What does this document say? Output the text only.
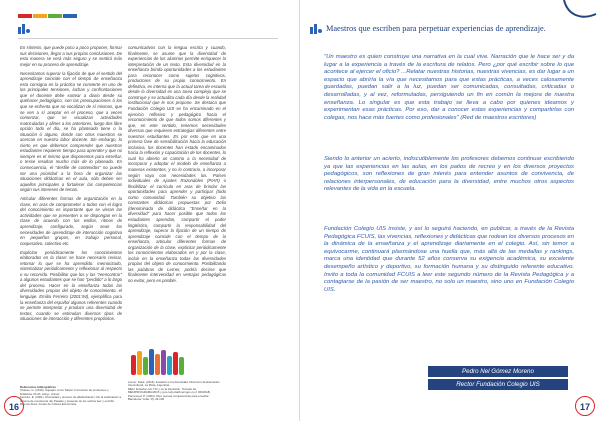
En síntesis, que puede poco a poco proponer, formar sus decisiones, llegar a sus propias conclusiones. De esta manera se verá más seguro y se sentirá más mejor en su proceso de aprendizaje.

Necesitamos superar la fijación de que el sentido del aprendizaje coincide con el tiempo de enseñanza esta consigna en la práctica se convierte en uno de los principales tensiones, luchas y confrontaciones que el docente debe sortear a diario desde su quehacer pedagógico, son las preocupaciones ó los que se enfrenta que no vocalizan de sí mismos, que se ven a sí aceptar en el proceso, que a veces comenzar, que se visualizan actividades matriculadas y afines a los anteriores, luego dos libre opción todo el día, se ha planteado tiene o la situación ó alguno, donde con otros maestros se acercan en nuestra labor docente. Sin embargo, lo cierto es que debemos comprender que nuestros estudiantes requieren tiempo para aprender y que no siempre es el mismo que disponemos para enseñar, o tesse resultan mucho más de lo planeado. En consecuencia, el "desfile de contenidos" no puede ser una prioridad a la hora de organizar las situaciones didácticas en el aula, sólo deben ser aquellos principales a fortalecer las competencias según sus intereses de temas.

Articular diferentes formas de organización en la clase, en aras de comprometer a todos con el logro del conocimiento es importante que se vieran las actividades que se presenten o se dispongan en la clase de acuerdo con los estilos, ritmos de aprendizaje, configurado, según sean los necesidades de aprendizaje de interacción cognitiva en pequeños grupos, en trabajo personal, cooperativo, colectivo etc.

Explicitar periódicamente los conocimientos elaborados en la clase: se hace necesario revisar, retomar lo que se ha aprendido: memorizado, sistematizar periódicamente y reflexionar al respecto o su recorrido. Posibilitar que los y las "reencontrar" a algunos estudiantes que se han "perdido" a lo largo del proceso. Hacer en la enseñanza todas las diversidades propias del objeto de conocimiento. el lenguaje. Emilia Ferreiro (2001:94), ejemplifica para la enseñanza del español algunos referentes cuando se permite interpretar y producir una diversidad de textos, cuando se estimulan diversos tipos de situaciones de interacción y diferentes propósitos.

comunicativos con la lengua escrita y cuando, finalmente, se asume que la diversidad de experiencias de los alumnos permite enriquecer la interpretación de un texto. Esta diversidad en la enseñanza brinda oportunidades a los estudiantes para reconocer como sujetos cognitivos, productores de su propio conocimiento. En definitiva, es interna que la actual tarea de escuela desde la diversidad es una tarea compleja que se construye y se actualiza cada día desde la realidad institucional que le nos propone. Se destaca que Fundación Colegio UIS se ha encaminado en el ejercicio reflexivo y pedagógico hacia el reconocimiento de que todos somos diferentes y que, en este sentido, tenemos necesidades diversas que requieren estrategias diferentes entre nuestros estudiantes. Es por esto que en una primera fase de sensibilización hacia la educación inclusiva, los docentes han estado encaminados hacia la reflexión y capacitación de los docentes, lo cual ha abierto un camino a la necesidad de incorporar y adoptar el modelo de enseñanza a maneras existentes, y no lo contrario, a incorporar según vaya con necesidades los. Países individuales de Ajustes Razonables (PIAR) o flexibilizar el currículo en aras de brindar las oportunidades para aprender y participar (todo como comunidad. También su objetivo las constantes didácticas propuestas por Delia (denominada de didáctica "Enseñar en la diversidad" para hacer posible que todos los estudiantes aprendan, compartir el poder lingüístico, compartir la responsabilidad del aprendizaje, superar la fijación de un tiempo de aprendizaje coincide con el tiempo de la enseñanza, articular diferentes formas de organización de la clase, explicitar periódicamente los conocimientos elaborados en y por la clase, incluir en la enseñanza todas las diversidades propias del objeto de conocimiento. Posibilitando las palabras de Lerner, podría decirse que finalmente intervenidad en ventajas pedagógicas no evitar, pero es posible.

Referencias bibliográficas
Chaves, G. (2019). Aquapro como Salvar. Formación de profesores y Didáctica. Proth. Antig.: Uninet.
Ferreiro, E. (2001). Diversidad y proceso de alfabetización: De la celebración a la toma de conciencia. En Pasado y presente de los verbos leer y escribir. Buenos Aires: Fondo de Cultura Económica.
Lerner, Delia. (2016). Enseñar en la diversidad. Dirección de Educación Intercultural, La Plata, Argentina.
MEN. Enseñar con TIC y en la transición. Tomado de: MEN/PROGRAMA/2015 y gov.co/portal/men/gov-co 2 (00/2018).
Perrenoud, P. (2004). Diez nuevas competencias para enseñar. Barcelona: Graó. Pp 43-108
16
Maestros que escriben para perpetuar experiencias de aprendizaje.
"Un maestro es quien construye una narrativa en la cual vive. Narración que le hace ser y da lugar a la experiencia a través de la escritura de relatos. Pero ¿por qué escribir sobre lo que acontece al ejercer el oficio? ...Relatar nuestras historias, nuestras vivencias, es dar lugar a un espacio que abriría la vía que necesitamos para que estas prácticas, a veces calosamente guardadas, puedan salir a la luz, puedan ser comunicadas, consultadas, criticadas o desarrolladas, y al vez, reformuladas, persiguiendo un fin en común la mejora de nuestra enseñanza. Lo singular es que esta trabajo se lleva a cabo por quienes ideamos y experimentan esas prácticas. Por eso, dar a conocer estas experiencias y compartirlas con colegas, nos hace más fuertes como profesionales" (Red de maestros escritores)
Siendo lo anterior un acierto, indiscutiblemente los profesores debemos continuar escribiendo ya que las experiencias en las aulas, en los patios de recreo y en los diversos proyectos pedagógicos, son reflexiones de gran interés para entender asuntos de convivencia, de relaciones interpersonales, de educación para la diversidad, entre muchos otros aspectos relevantes de la vida en la escuela.
Fundación Colegio UIS insiste, y así lo seguirá haciendo, en publicar, a través de la Revista Pedagógica FCUIS, las vivencias, reflexiones y didácticas que rodean los diversos procesos en la dinámica de la enseñanza y el aprendizaje diariamente en el colegio. Así, sin temor a equivocarme, continuará plasmándose una huella que, más allá de las medallas y rankings, marca una identidad que durante 52 años conserva su exigencia académica, su excelente desempeño artístico y deportivo, su formación humana y su distinguido referente educativo. Invito a toda la comunidad FCUIS a leer este segundo número de la Revista Pedagógica y a contagiarse de la pasión de ser maestro, no solo un maestro, sino uno en Fundación Colegio UIS.
Pedro Nel Gómez Moreno
Rector Fundación Colegio UIS
17
